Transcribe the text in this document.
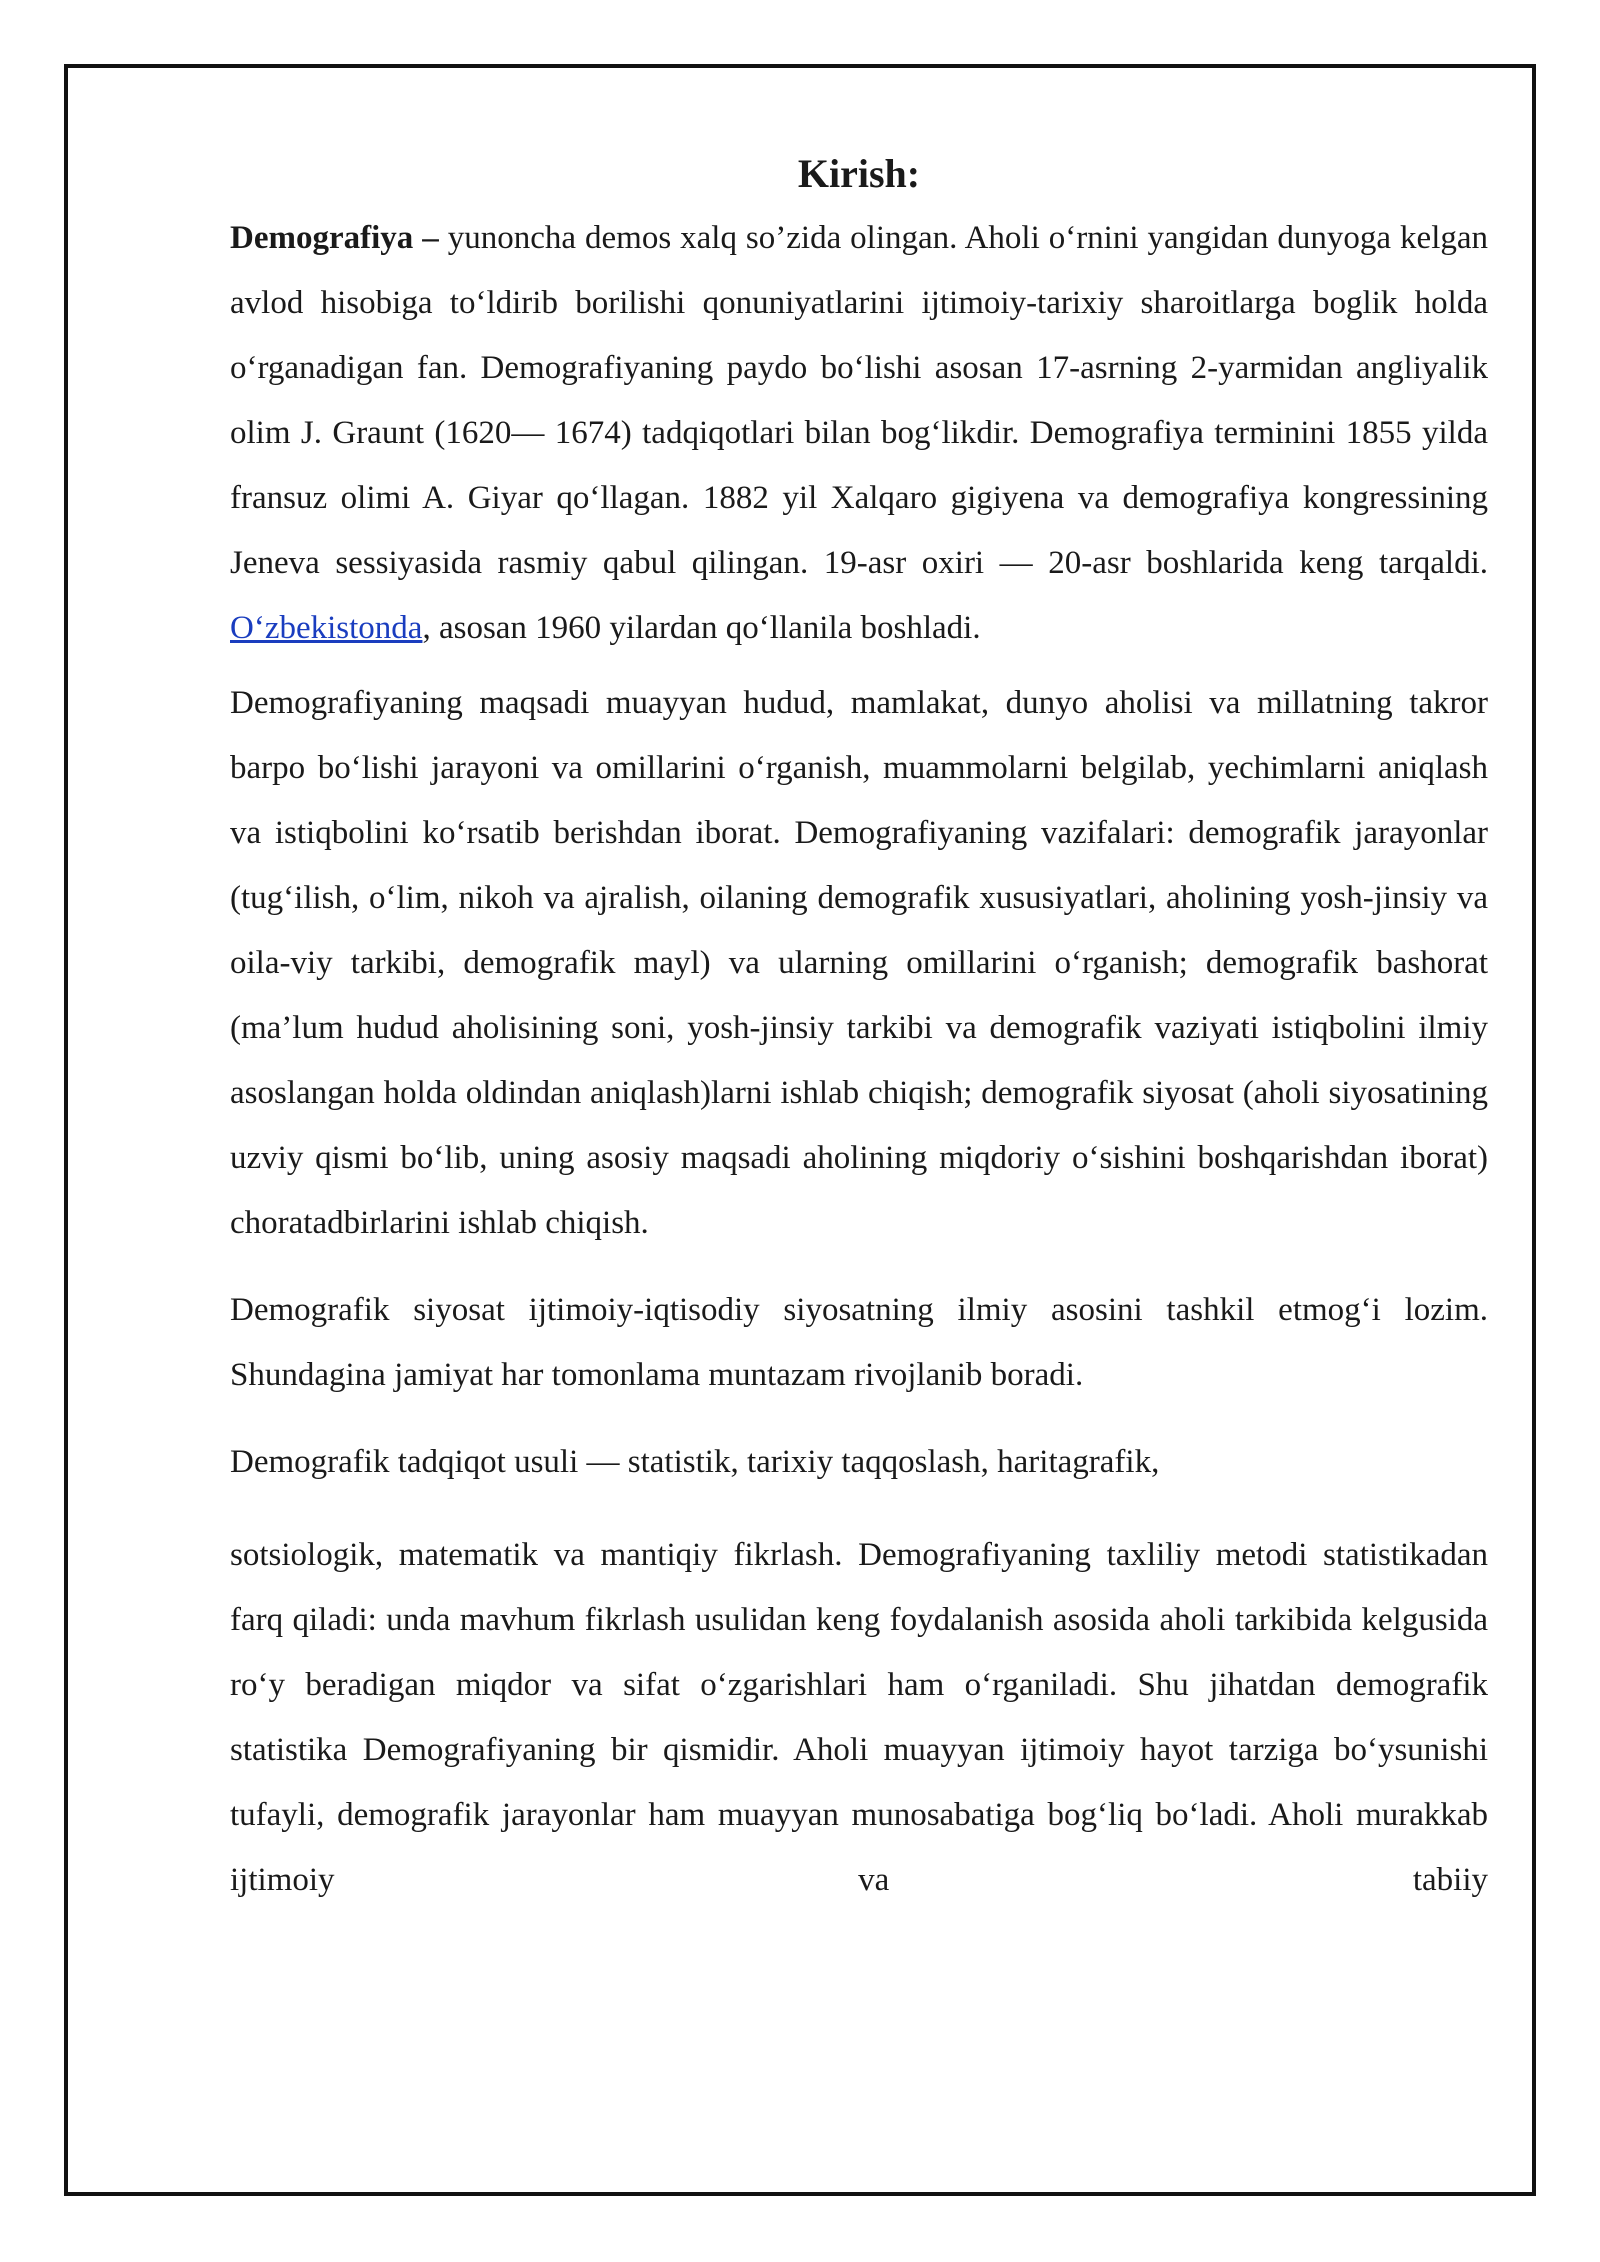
Kirish:

Demografiya – yunoncha demos xalq so’zida olingan. Aholi o‘rnini yangidan dunyoga kelgan avlod hisobiga to‘ldirib borilishi qonuniyatlarini ijtimoiy-tarixiy sharoitlarga boglik holda o‘rganadigan fan. Demografiyaning paydo bo‘lishi asosan 17-asrning 2-yarmidan angliyalik olim J. Graunt (1620— 1674) tadqiqotlari bilan bog‘likdir. Demografiya terminini 1855 yilda fransuz olimi A. Giyar qo‘llagan. 1882 yil Xalqaro gigiyena va demografiya kongressining Jeneva sessiyasida rasmiy qabul qilingan. 19-asr oxiri — 20-asr boshlarida keng tarqaldi. O‘zbekistonda, asosan 1960 yilardan qo‘llanila boshladi.

Demografiyaning maqsadi muayyan hudud, mamlakat, dunyo aholisi va millatning takror barpo bo‘lishi jarayoni va omillarini o‘rganish, muammolarni belgilab, yechimlarni aniqlash va istiqbolini ko‘rsatib berishdan iborat. Demografiyaning vazifalari: demografik jarayonlar (tug‘ilish, o‘lim, nikoh va ajralish, oilaning demografik xususiyatlari, aholining yosh-jinsiy va oila-viy tarkibi, demografik mayl) va ularning omillarini o‘rganish; demografik bashorat (ma’lum hudud aholisining soni, yosh-jinsiy tarkibi va demografik vaziyati istiqbolini ilmiy asoslangan holda oldindan aniqlash)larni ishlab chiqish; demografik siyosat (aholi siyosatining uzviy qismi bo‘lib, uning asosiy maqsadi aholining miqdoriy o‘sishini boshqarishdan iborat) choratadbirlarini ishlab chiqish.

Demografik siyosat ijtimoiy-iqtisodiy siyosatning ilmiy asosini tashkil etmog‘i lozim. Shundagina jamiyat har tomonlama muntazam rivojlanib boradi.

Demografik tadqiqot usuli — statistik, tarixiy taqqoslash, haritagrafik,

sotsiologik, matematik va mantiqiy fikrlash. Demografiyaning taxliliy metodi statistikadan farq qiladi: unda mavhum fikrlash usulidan keng foydalanish asosida aholi tarkibida kelgusida ro‘y beradigan miqdor va sifat o‘zgarishlari ham o‘rganiladi. Shu jihatdan demografik statistika Demografiyaning bir qismidir. Aholi muayyan ijtimoiy hayot tarziga bo‘ysunishi tufayli, demografik jarayonlar ham muayyan munosabatiga bog‘liq bo‘ladi. Aholi murakkab ijtimoiy va tabiiy
